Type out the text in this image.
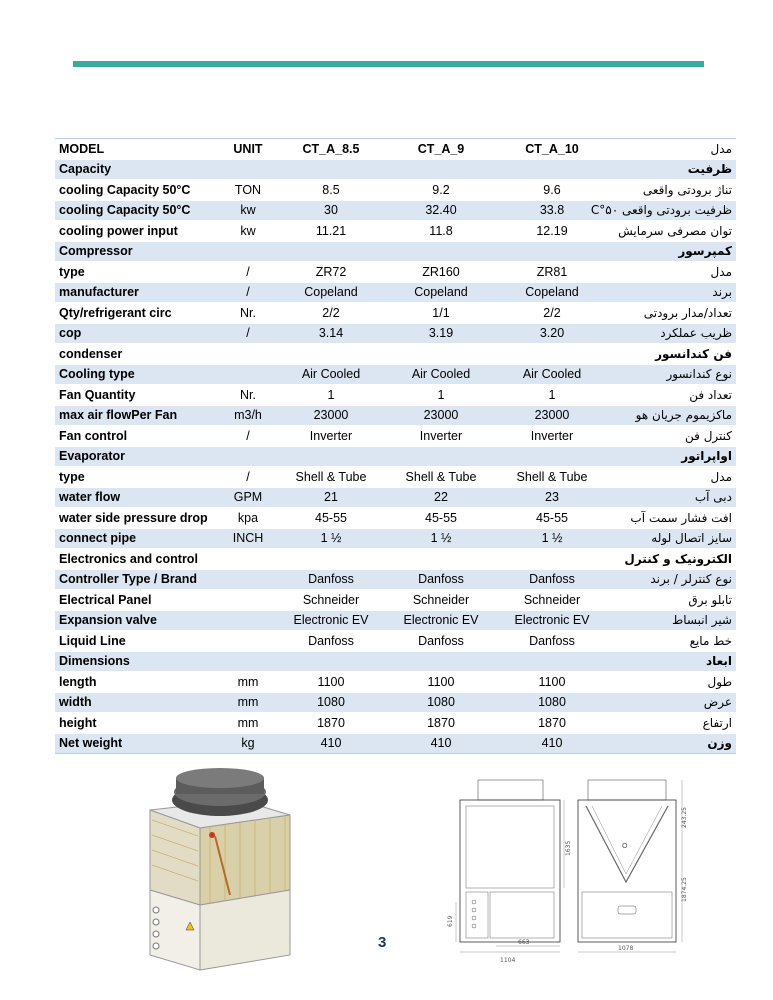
MODEL	UNIT	CT_A_8.5	CT_A_9	CT_A_10	مدل
Capacity					ظرفیت
cooling Capacity 50°C	TON	8.5	9.2	9.6	تناژ برودتی واقعی
cooling Capacity 50°C	kw	30	32.40	33.8	ظرفیت برودتی واقعی ۵۰°C
cooling power input	kw	11.21	11.8	12.19	توان مصرفی سرمایش
Compressor					کمپرسور
type	/	ZR72	ZR160	ZR81	مدل
manufacturer	/	Copeland	Copeland	Copeland	برند
Qty/refrigerant circ	Nr.	2/2	1/1	2/2	تعداد/مدار برودتی
cop	/	3.14	3.19	3.20	ظریب عملکرد
condenser					فن کندانسور
Cooling type		Air Cooled	Air Cooled	Air Cooled	نوع کندانسور
Fan Quantity	Nr.	1	1	1	تعداد فن
max air flowPer Fan	m3/h	23000	23000	23000	ماکزیموم جریان هو
Fan control	/	Inverter	Inverter	Inverter	کنترل فن
Evaporator					اواپراتور
type	/	Shell & Tube	Shell & Tube	Shell & Tube	مدل
water flow	GPM	21	22	23	دبی آب
water side pressure drop	kpa	45-55	45-55	45-55	افت فشار سمت آب
connect pipe	INCH	1 ½	1 ½	1 ½	سایز اتصال لوله
Electronics and control					الکترونیک و کنترل
Controller Type / Brand		Danfoss	Danfoss	Danfoss	نوع کنترلر / برند
Electrical Panel		Schneider	Schneider	Schneider	تابلو برق
Expansion valve		Electronic EV	Electronic EV	Electronic EV	شیر انبساط
Liquid Line		Danfoss	Danfoss	Danfoss	خط مایع
Dimensions					ابعاد
length	mm	1100	1100	1100	طول
width	mm	1080	1080	1080	عرض
height	mm	1870	1870	1870	ارتفاع
Net weight	kg	410	410	410	وزن
243.25
1874.25
1635
619
663
1104
1078
O
3
